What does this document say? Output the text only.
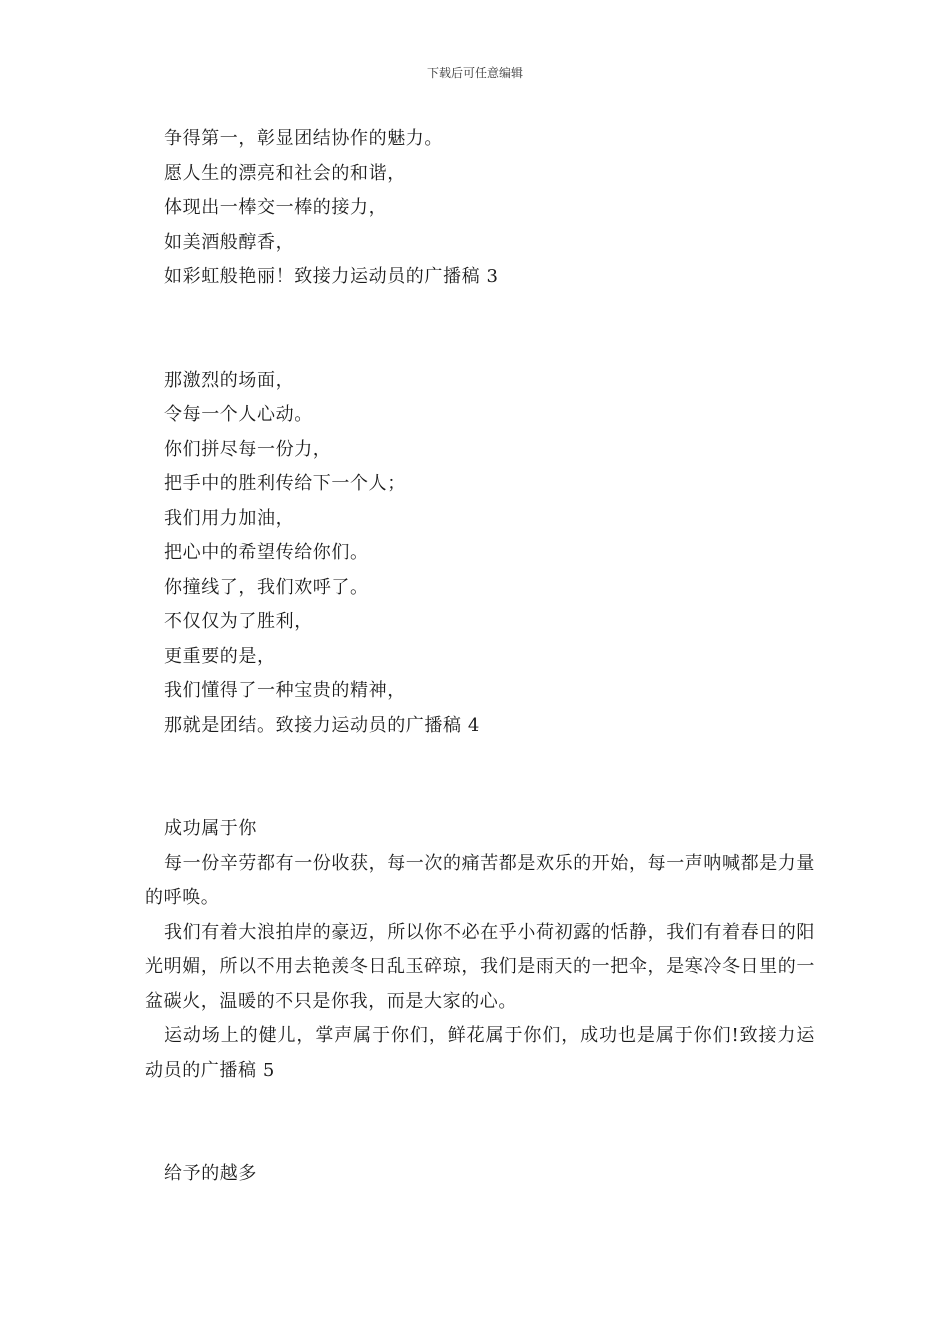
下载后可任意编辑
争得第一，彰显团结协作的魅力。
愿人生的漂亮和社会的和谐，
体现出一棒交一棒的接力，
如美酒般醇香，
如彩虹般艳丽！致接力运动员的广播稿 3
那激烈的场面，
令每一个人心动。
你们拼尽每一份力，
把手中的胜利传给下一个人；
我们用力加油，
把心中的希望传给你们。
你撞线了，我们欢呼了。
不仅仅为了胜利，
更重要的是，
我们懂得了一种宝贵的精神，
那就是团结。致接力运动员的广播稿 4
成功属于你
每一份辛劳都有一份收获，每一次的痛苦都是欢乐的开始，每一声呐喊都是力量的呼唤。
我们有着大浪拍岸的豪迈，所以你不必在乎小荷初露的恬静，我们有着春日的阳光明媚，所以不用去艳羡冬日乱玉碎琼，我们是雨天的一把伞，是寒冷冬日里的一盆碳火，温暖的不只是你我，而是大家的心。
运动场上的健儿，掌声属于你们，鲜花属于你们，成功也是属于你们!致接力运动员的广播稿 5
给予的越多
